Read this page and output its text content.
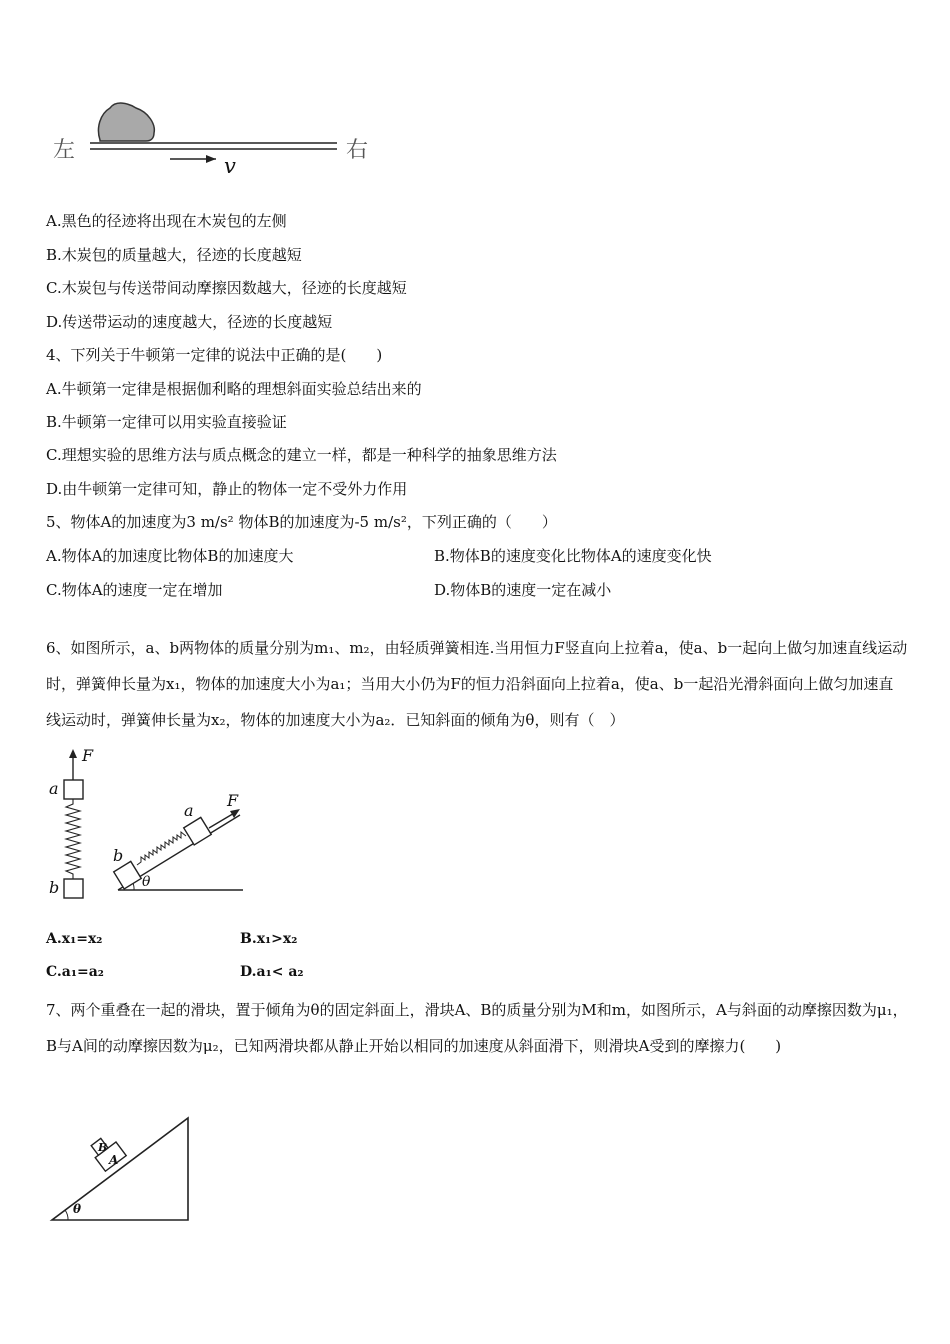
左	右
v
A.黑色的径迹将出现在木炭包的左侧
B.木炭包的质量越大，径迹的长度越短
C.木炭包与传送带间动摩擦因数越大，径迹的长度越短
D.传送带运动的速度越大，径迹的长度越短
4、下列关于牛顿第一定律的说法中正确的是(　　)
A.牛顿第一定律是根据伽利略的理想斜面实验总结出来的
B.牛顿第一定律可以用实验直接验证
C.理想实验的思维方法与质点概念的建立一样，都是一种科学的抽象思维方法
D.由牛顿第一定律可知，静止的物体一定不受外力作用
5、物体A的加速度为3 m/s² 物体B的加速度为-5 m/s²，下列正确的（　　）
A.物体A的加速度比物体B的加速度大	B.物体B的速度变化比物体A的速度变化快
C.物体A的速度一定在增加	D.物体B的速度一定在减小
6、如图所示，a、b两物体的质量分别为m₁、m₂，由轻质弹簧相连.当用恒力F竖直向上拉着a，使a、b一起向上做匀加速直线运动时，弹簧伸长量为x₁，物体的加速度大小为a₁；当用大小仍为F的恒力沿斜面向上拉着a，使a、b一起沿光滑斜面向上做匀加速直线运动时，弹簧伸长量为x₂，物体的加速度大小为a₂．已知斜面的倾角为θ，则有（　）
F
a
b
F
a
b
θ
A.x₁=x₂	B.x₁>x₂
C.a₁=a₂	D.a₁< a₂
7、两个重叠在一起的滑块，置于倾角为θ的固定斜面上，滑块A、B的质量分别为M和m，如图所示，A与斜面的动摩擦因数为μ₁，B与A间的动摩擦因数为μ₂，已知两滑块都从静止开始以相同的加速度从斜面滑下，则滑块A受到的摩擦力(　　)
B
A
θ
